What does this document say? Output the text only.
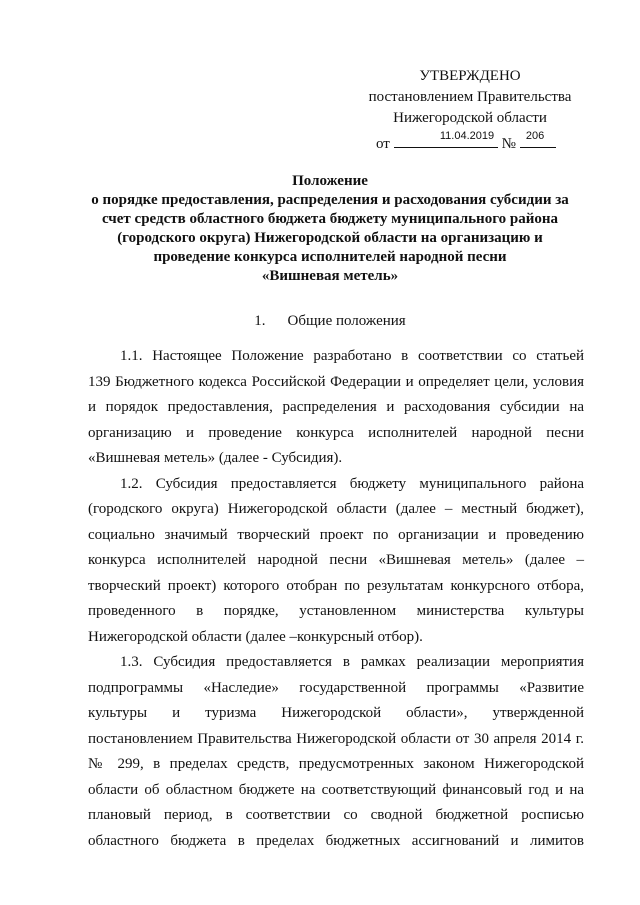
УТВЕРЖДЕНО
постановлением Правительства
Нижегородской области
от	11.04.2019 № 206
Положение
о порядке предоставления, распределения и расходования субсидии за
счет средств областного бюджета бюджету муниципального района
(городского округа) Нижегородской области на организацию и
проведение конкурса исполнителей народной песни
«Вишневая метель»
1. Общие положения
1.1. Настоящее Положение разработано в соответствии со статьей
139 Бюджетного кодекса Российской Федерации и определяет цели, условия
и порядок предоставления, распределения и расходования субсидии на
организацию и проведение конкурса исполнителей народной песни
«Вишневая метель» (далее - Субсидия).
1.2. Субсидия предоставляется бюджету муниципального района
(городского округа) Нижегородской области (далее – местный бюджет),
социально значимый творческий проект по организации и проведению
конкурса исполнителей народной песни «Вишневая метель» (далее –
творческий проект) которого отобран по результатам конкурсного отбора,
проведенного в порядке, установленном министерства культуры
Нижегородской области (далее –конкурсный отбор).
1.3. Субсидия предоставляется в рамках реализации мероприятия
подпрограммы «Наследие» государственной программы «Развитие
культуры и туризма Нижегородской области», утвержденной
постановлением Правительства Нижегородской области от 30 апреля 2014 г.
№ 299, в пределах средств, предусмотренных законом Нижегородской
области об областном бюджете на соответствующий финансовый год и на
плановый период, в соответствии со сводной бюджетной росписью
областного бюджета в пределах бюджетных ассигнований и лимитов
